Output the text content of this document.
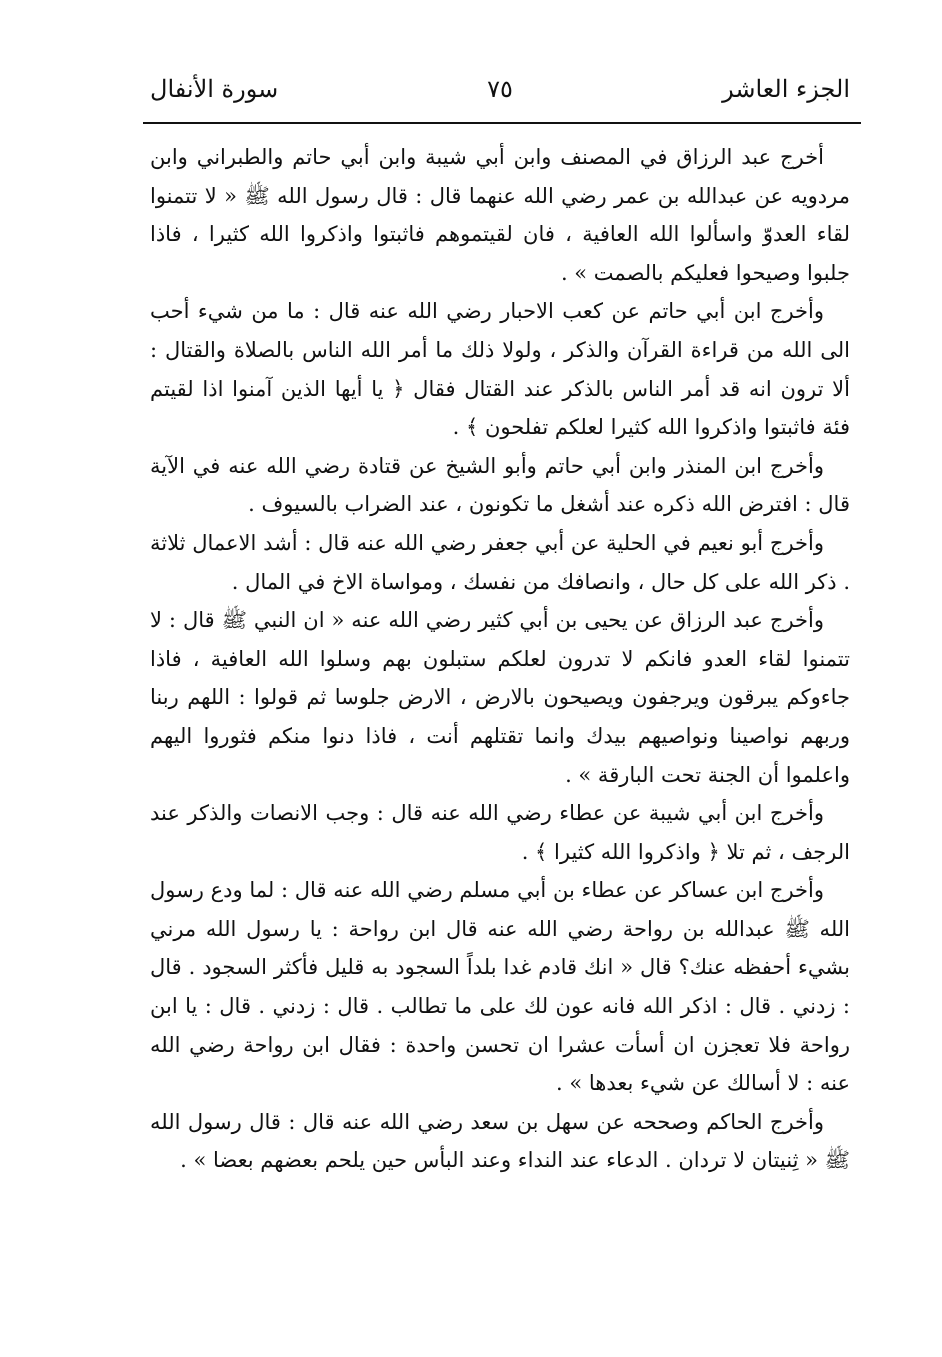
الجزء العاشر
٧٥
سورة الأنفال

أخرج عبد الرزاق في المصنف وابن أبي شيبة وابن أبي حاتم والطبراني وابن مردويه عن عبدالله بن عمر رضي الله عنهما قال : قال رسول الله ﷺ « لا تتمنوا لقاء العدوّ واسألوا الله العافية ، فان لقيتموهم فاثبتوا واذكروا الله كثيرا ، فاذا جلبوا وصيحوا فعليكم بالصمت » .

وأخرج ابن أبي حاتم عن كعب الاحبار رضي الله عنه قال : ما من شيء أحب الى الله من قراءة القرآن والذكر ، ولولا ذلك ما أمر الله الناس بالصلاة والقتال : ألا ترون انه قد أمر الناس بالذكر عند القتال فقال ﴿ يا أيها الذين آمنوا اذا لقيتم فئة فاثبتوا واذكروا الله كثيرا لعلكم تفلحون ﴾ .

وأخرج ابن المنذر وابن أبي حاتم وأبو الشيخ عن قتادة رضي الله عنه في الآية قال : افترض الله ذكره عند أشغل ما تكونون ، عند الضراب بالسيوف .

وأخرج أبو نعيم في الحلية عن أبي جعفر رضي الله عنه قال : أشد الاعمال ثلاثة . ذكر الله على كل حال ، وانصافك من نفسك ، ومواساة الاخ في المال .

وأخرج عبد الرزاق عن يحيى بن أبي كثير رضي الله عنه « ان النبي ﷺ قال : لا تتمنوا لقاء العدو فانكم لا تدرون لعلكم ستبلون بهم وسلوا الله العافية ، فاذا جاءوكم يبرقون ويرجفون ويصيحون بالارض ، الارض جلوسا ثم قولوا : اللهم ربنا وربهم نواصينا ونواصيهم بيدك وانما تقتلهم أنت ، فاذا دنوا منكم فثوروا اليهم واعلموا أن الجنة تحت البارقة » .

وأخرج ابن أبي شيبة عن عطاء رضي الله عنه قال : وجب الانصات والذكر عند الرجف ، ثم تلا ﴿ واذكروا الله كثيرا ﴾ .

وأخرج ابن عساكر عن عطاء بن أبي مسلم رضي الله عنه قال : لما ودع رسول الله ﷺ عبدالله بن رواحة رضي الله عنه قال ابن رواحة : يا رسول الله مرني بشيء أحفظه عنك؟ قال « انك قادم غدا بلداً السجود به قليل فأكثر السجود . قال : زدني . قال : اذكر الله فانه عون لك على ما تطالب . قال : زدني . قال : يا ابن رواحة فلا تعجزن ان أسأت عشرا ان تحسن واحدة : فقال ابن رواحة رضي الله عنه : لا أسالك عن شيء بعدها » .

وأخرج الحاكم وصححه عن سهل بن سعد رضي الله عنه قال : قال رسول الله ﷺ « ثِنيتان لا تردان . الدعاء عند النداء وعند البأس حين يلحم بعضهم بعضا » .
